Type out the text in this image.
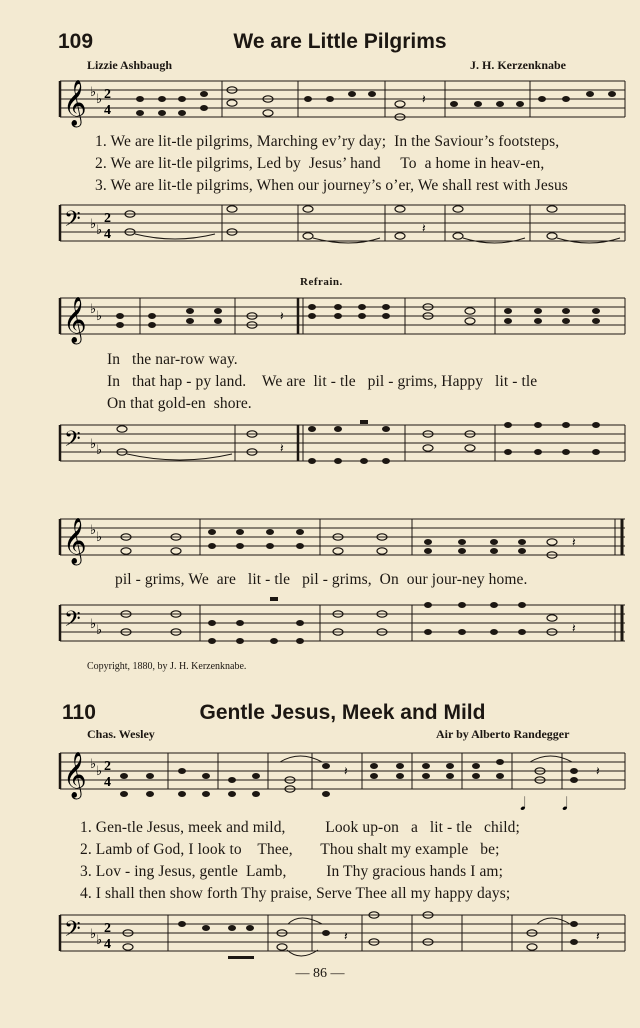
109	We are Little Pilgrims
Lizzie Ashbaugh	J. H. Kerzenknabe
𝄞 ♭ ♭ 2
4
𝄽
1. We are lit-tle pilgrims, Marching ev’ry day;  In the Saviour’s footsteps,
2. We are lit-tle pilgrims, Led by  Jesus’ hand     To  a home in heav-en,
3. We are lit-tle pilgrims, When our journey’s o’er, We shall rest with Jesus
𝄢 ♭ ♭
2
4	𝄽
Refrain.
𝄞 ♭ ♭	𝄽
In   the nar-row way.
In   that hap - py land.    We are  lit - tle   pil - grims, Happy   lit - tle
On that gold-en  shore.
𝄢 ♭ ♭	𝄽
𝄞 ♭ ♭	𝄽
pil - grims, We  are   lit - tle   pil - grims,  On  our jour-ney home.
𝄢 ♭ ♭	𝄽
Copyright, 1880, by J. H. Kerzenknabe.
110	Gentle Jesus, Meek and Mild
Chas. Wesley	Air by Alberto Randegger
𝄞 ♭ ♭ 2
4
𝄽	𝄽
𝅘𝅥 𝅘𝅥
1. Gen-tle Jesus, meek and mild,          Look up-on   a   lit - tle   child;
2. Lamb of God, I look to    Thee,       Thou shalt my example   be;
3. Lov - ing Jesus, gentle  Lamb,          In Thy gracious hands I am;
4. I shall then show forth Thy praise, Serve Thee all my happy days;
𝄢 ♭ ♭
2
4
𝄽	𝄽
— 86 —
